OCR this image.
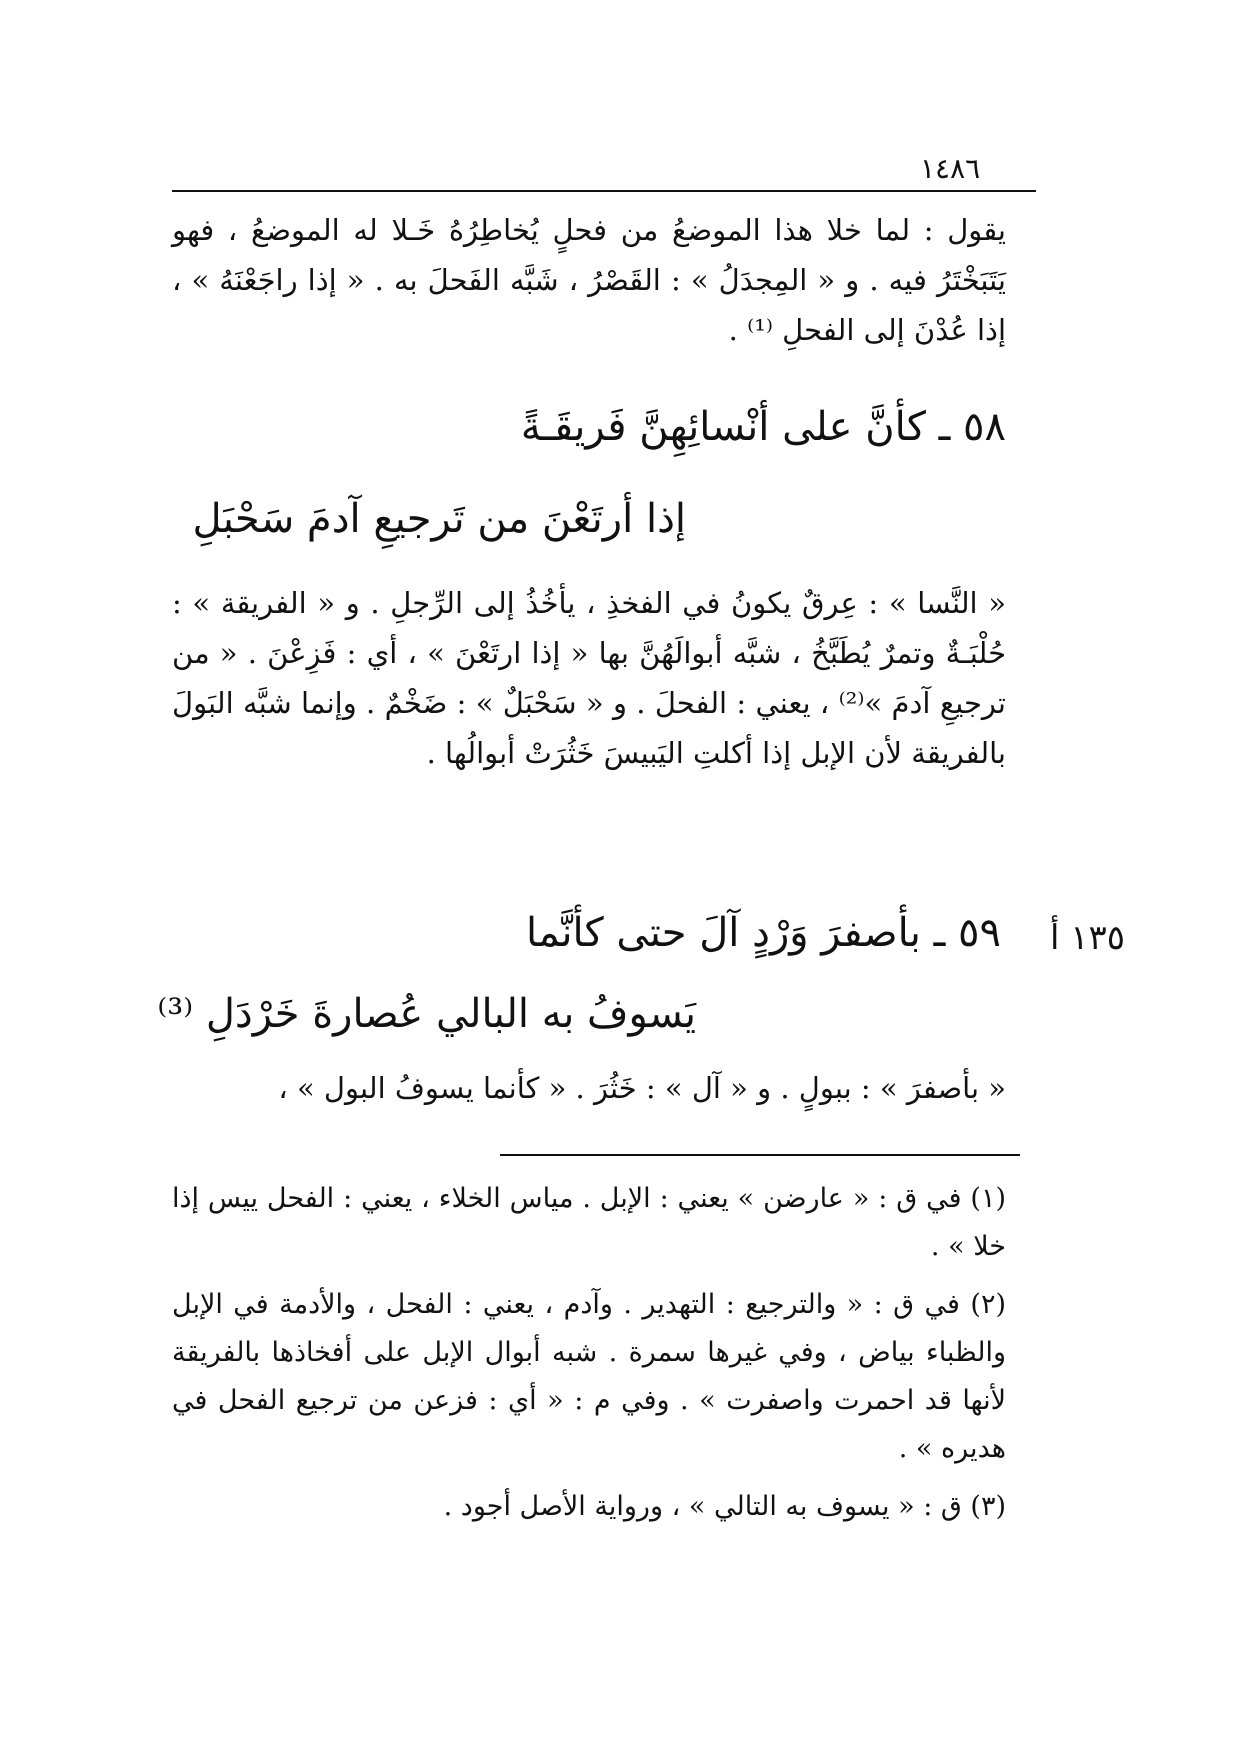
١٤٨٦

يقول : لما خلا هذا الموضعُ من فحلٍ يُخاطِرُهُ خَـلا له الموضعُ ، فهو يَتَبَخْتَرُ فيه . و « المِجدَلُ » : القَصْرُ ، شَبَّه الفَحلَ به . « إذا راجَعْنَهُ » ، إذا عُدْنَ إلى الفحلِ ⁽¹⁾ .

٥٨ ـ كأنَّ على أنْسائِهِنَّ فَريقَـةً
إذا أرتَعْنَ من تَرجيعِ آدمَ سَحْبَلِ

« النَّسا » : عِرقٌ يكونُ في الفخذِ ، يأخُذُ إلى الرِّجلِ . و « الفريقة » : حُلْبَـةٌ وتمرٌ يُطَبَّخُ ، شبَّه أبوالَهُنَّ بها « إذا ارتَعْنَ » ، أي : فَزِعْنَ . « من ترجيعِ آدمَ »⁽²⁾ ، يعني : الفحلَ . و « سَحْبَلٌ » : ضَخْمٌ . وإنما شبَّه البَولَ بالفريقة لأن الإبل إذا أكلتِ اليَبيسَ خَثُرَتْ أبوالُها .

١٣٥ أ
٥٩ ـ بأصفرَ وَرْدٍ آلَ حتى كأنَّما
يَسوفُ به البالي عُصارةَ خَرْدَلِ ⁽³⁾

« بأصفرَ » : ببولٍ . و « آل » : خَثُرَ . « كأنما يسوفُ البول » ،

(١) في ق : « عارضن » يعني : الإبل . مياس الخلاء ، يعني : الفحل ييس إذا خلا » .

(٢) في ق : « والترجيع : التهدير . وآدم ، يعني : الفحل ، والأدمة في الإبل والظباء بياض ، وفي غيرها سمرة . شبه أبوال الإبل على أفخاذها بالفريقة لأنها قد احمرت واصفرت » . وفي م : « أي : فزعن من ترجيع الفحل في هديره » .

(٣) ق : « يسوف به التالي » ، ورواية الأصل أجود .
